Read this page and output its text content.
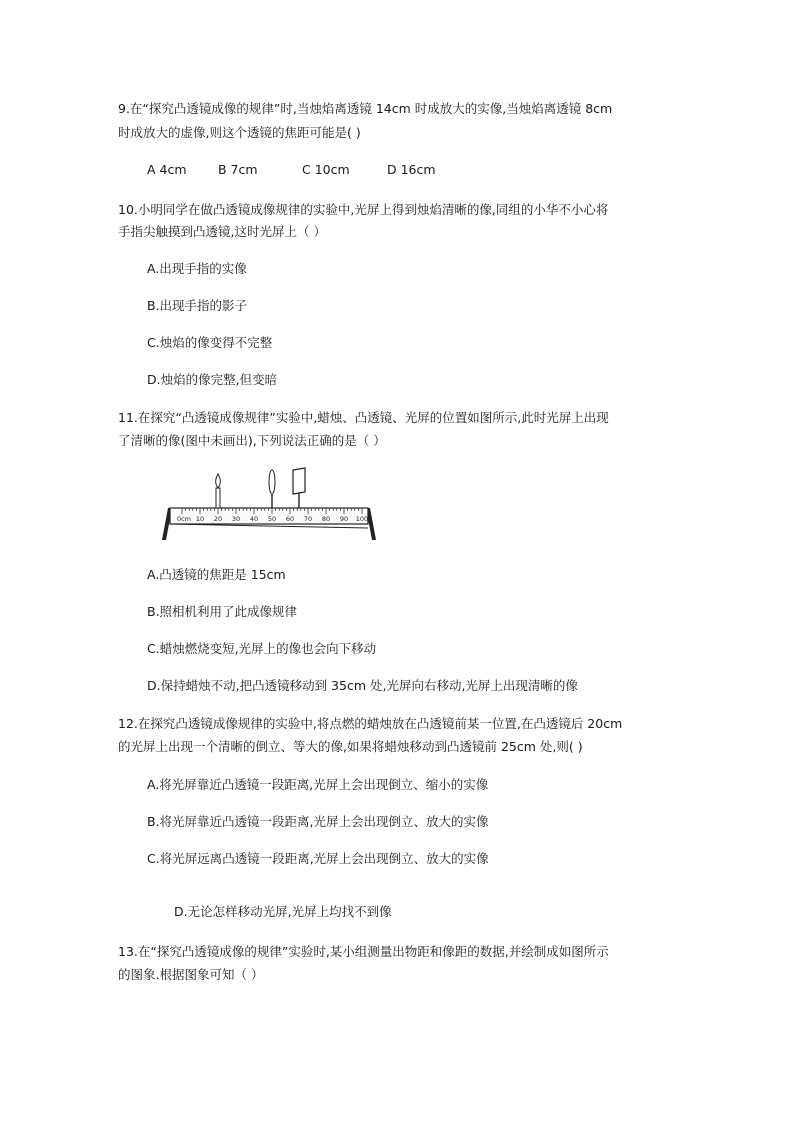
9.在“探究凸透镜成像的规律”时,当烛焰离透镜 14cm 时成放大的实像,当烛焰离透镜 8cm
时成放大的虚像,则这个透镜的焦距可能是( )
A 4cm	B 7cm	C 10cm	D 16cm
10.小明同学在做凸透镜成像规律的实验中,光屏上得到烛焰清晰的像,同组的小华不小心将
手指尖触摸到凸透镜,这时光屏上（ ）
A.出现手指的实像
B.出现手指的影子
C.烛焰的像变得不完整
D.烛焰的像完整,但变暗
11.在探究“凸透镜成像规律”实验中,蜡烛、凸透镜、光屏的位置如图所示,此时光屏上出现
了清晰的像(图中未画出),下列说法正确的是（ ）
0cm 10 20 30 40 50 60 70 80 90 100
A.凸透镜的焦距是 15cm
B.照相机利用了此成像规律
C.蜡烛燃烧变短,光屏上的像也会向下移动
D.保持蜡烛不动,把凸透镜移动到 35cm 处,光屏向右移动,光屏上出现清晰的像
12.在探究凸透镜成像规律的实验中,将点燃的蜡烛放在凸透镜前某一位置,在凸透镜后 20cm
的光屏上出现一个清晰的倒立、等大的像,如果将蜡烛移动到凸透镜前 25cm 处,则( )
A.将光屏靠近凸透镜一段距离,光屏上会出现倒立、缩小的实像
B.将光屏靠近凸透镜一段距离,光屏上会出现倒立、放大的实像
C.将光屏远离凸透镜一段距离,光屏上会出现倒立、放大的实像
D.无论怎样移动光屏,光屏上均找不到像
13.在“探究凸透镜成像的规律”实验时,某小组测量出物距和像距的数据,并绘制成如图所示
的图象.根据图象可知（ ）
